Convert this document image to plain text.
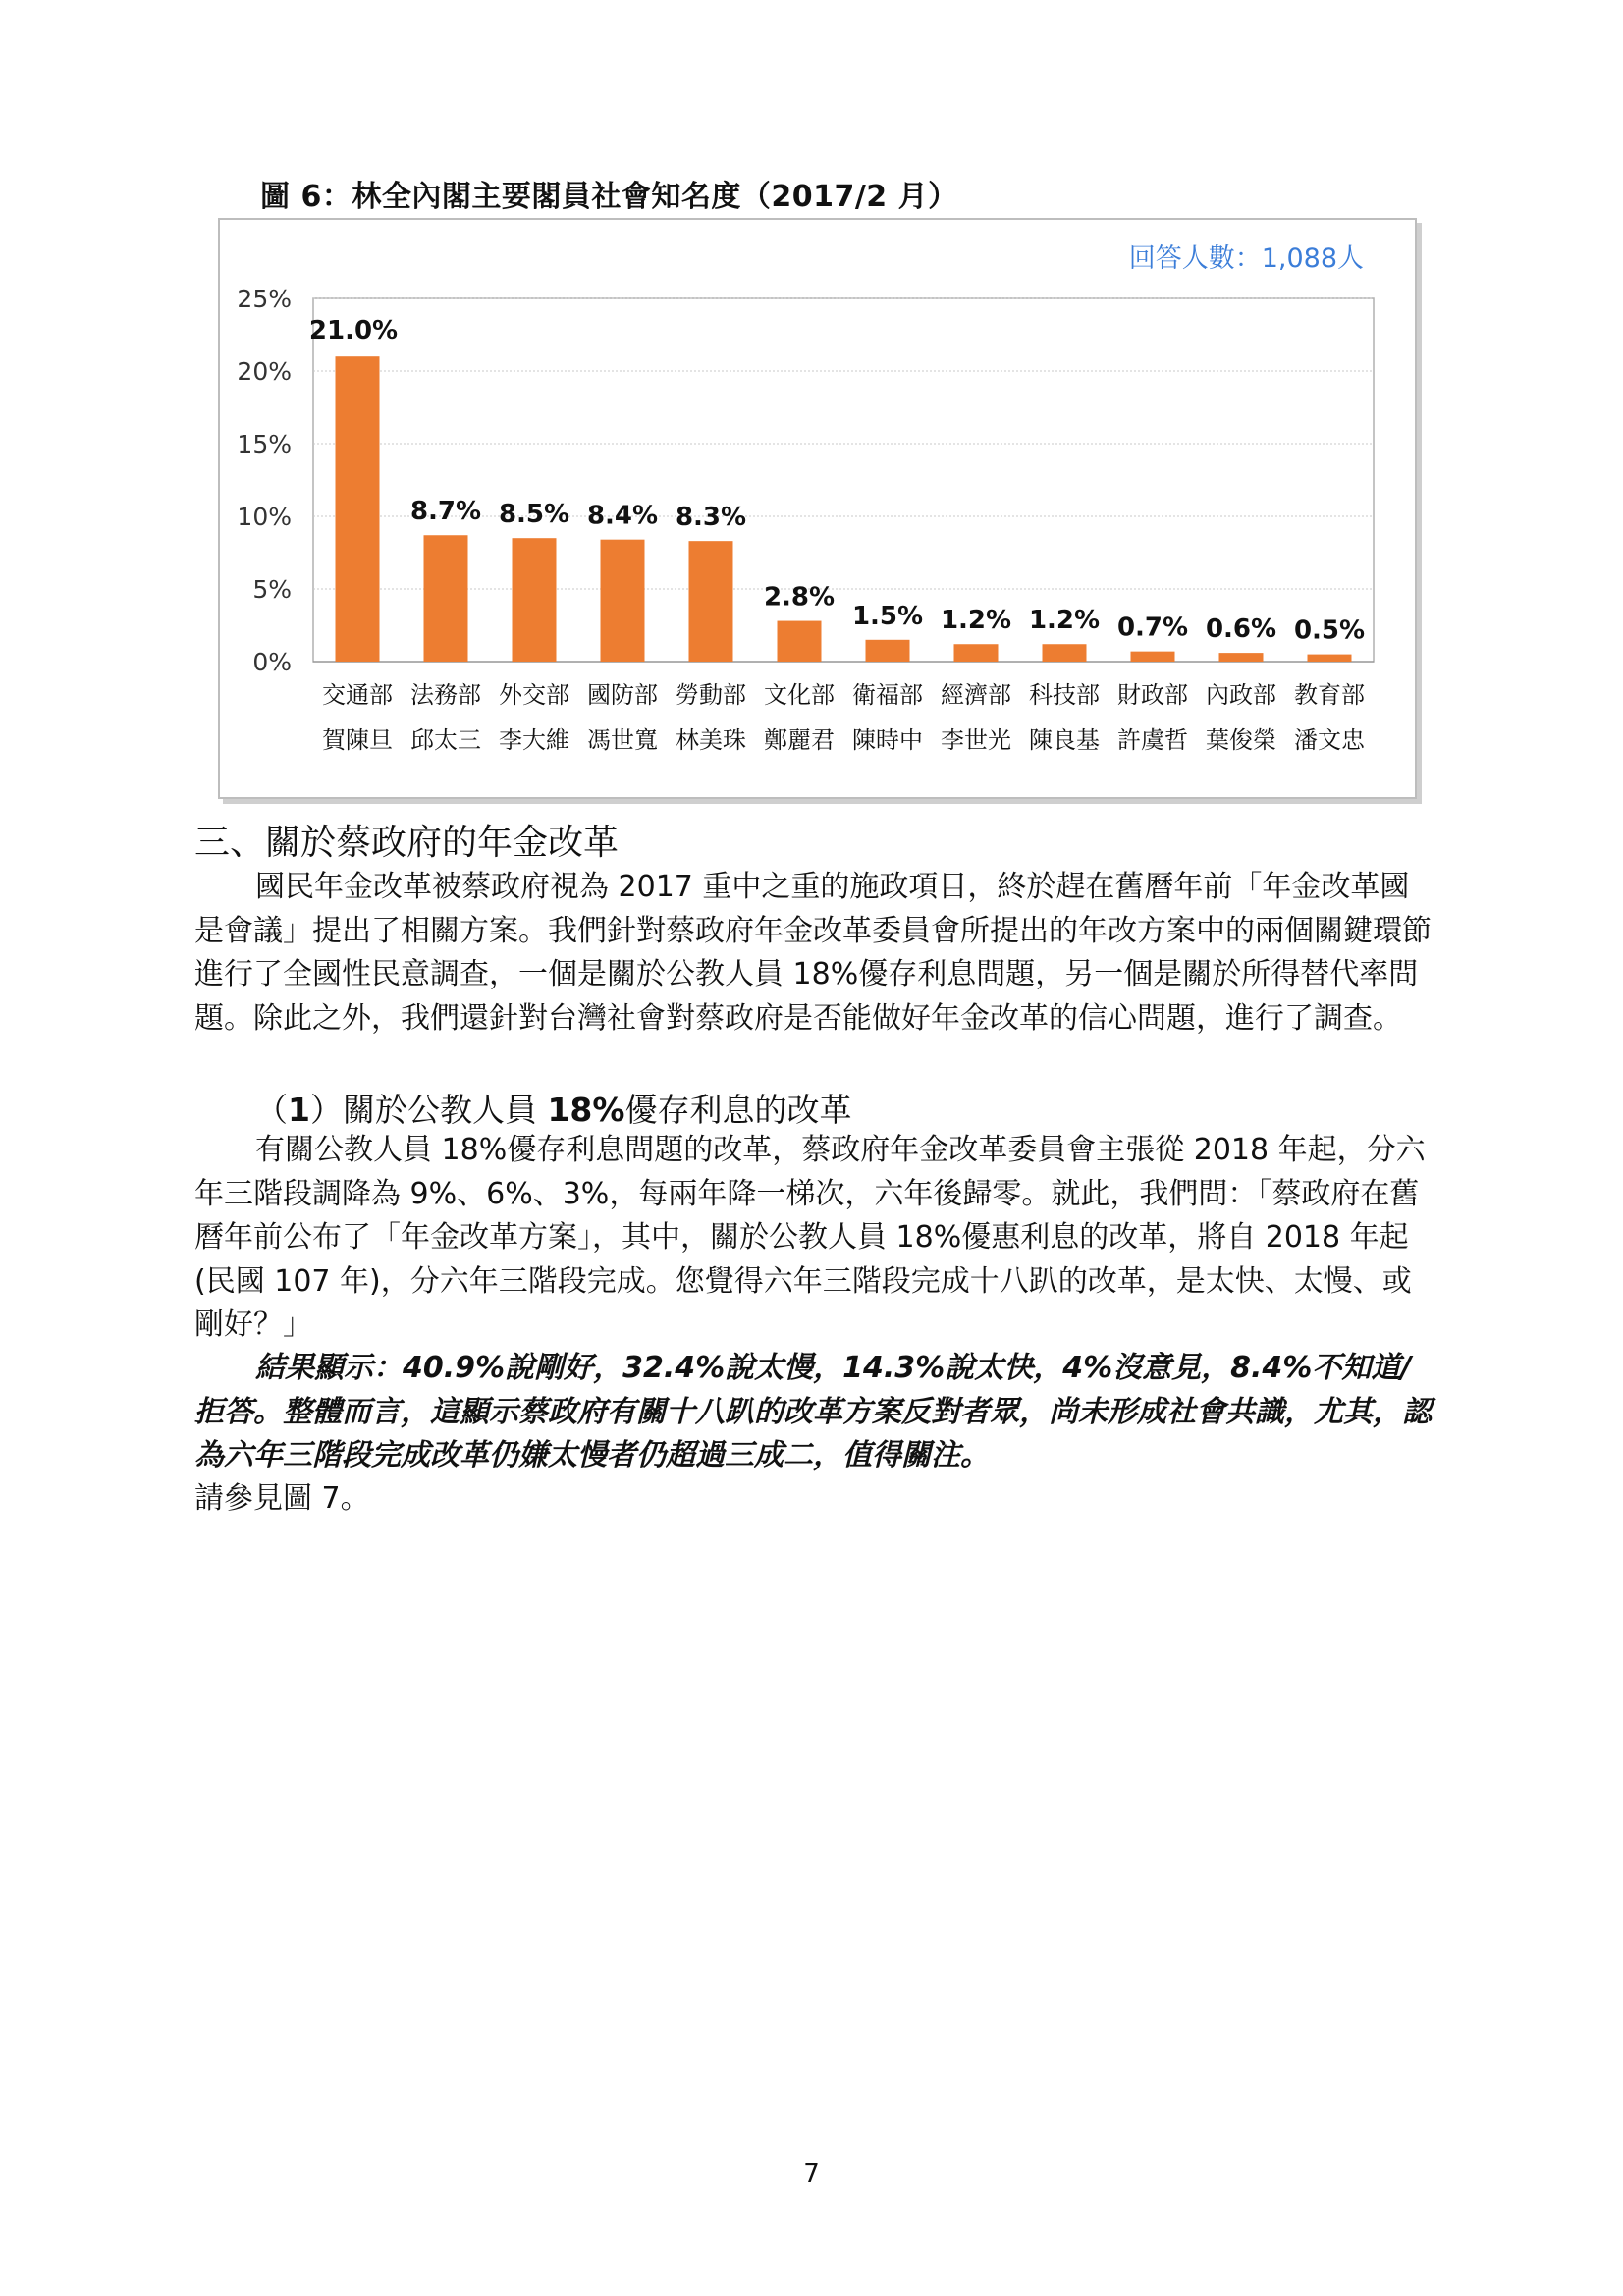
圖 6：林全內閣主要閣員社會知名度（2017/2 月）
回答人數：1,088人
0%
5%
10%
15%
20%
25%
21.0%
交通部
賀陳旦
8.7%
法務部
邱太三
8.5%
外交部
李大維
8.4%
國防部
馮世寬
8.3%
勞動部
林美珠
2.8%
文化部
鄭麗君
1.5%
衛福部
陳時中
1.2%
經濟部
李世光
1.2%
科技部
陳良基
0.7%
財政部
許虞哲
0.6%
內政部
葉俊榮
0.5%
教育部
潘文忠
三、關於蔡政府的年金改革

國民年金改革被蔡政府視為 2017 重中之重的施政項目，終於趕在舊曆年前「年金改革國是會議」提出了相關方案。我們針對蔡政府年金改革委員會所提出的年改方案中的兩個關鍵環節進行了全國性民意調查，一個是關於公教人員 18%優存利息問題，另一個是關於所得替代率問題。除此之外，我們還針對台灣社會對蔡政府是否能做好年金改革的信心問題，進行了調查。

（1）關於公教人員 18%優存利息的改革

有關公教人員 18%優存利息問題的改革，蔡政府年金改革委員會主張從 2018 年起，分六年三階段調降為 9%、6%、3%，每兩年降一梯次，六年後歸零。就此，我們問：「蔡政府在舊曆年前公布了「年金改革方案」，其中，關於公教人員 18%優惠利息的改革，將自 2018 年起(民國 107 年)，分六年三階段完成。您覺得六年三階段完成十八趴的改革，是太快、太慢、或剛好？」

結果顯示：40.9%說剛好，32.4%說太慢，14.3%說太快，4%沒意見，8.4%不知道/拒答。整體而言，這顯示蔡政府有關十八趴的改革方案反對者眾，尚未形成社會共識，尤其，認為六年三階段完成改革仍嫌太慢者仍超過三成二，值得關注。

請參見圖 7。

7
